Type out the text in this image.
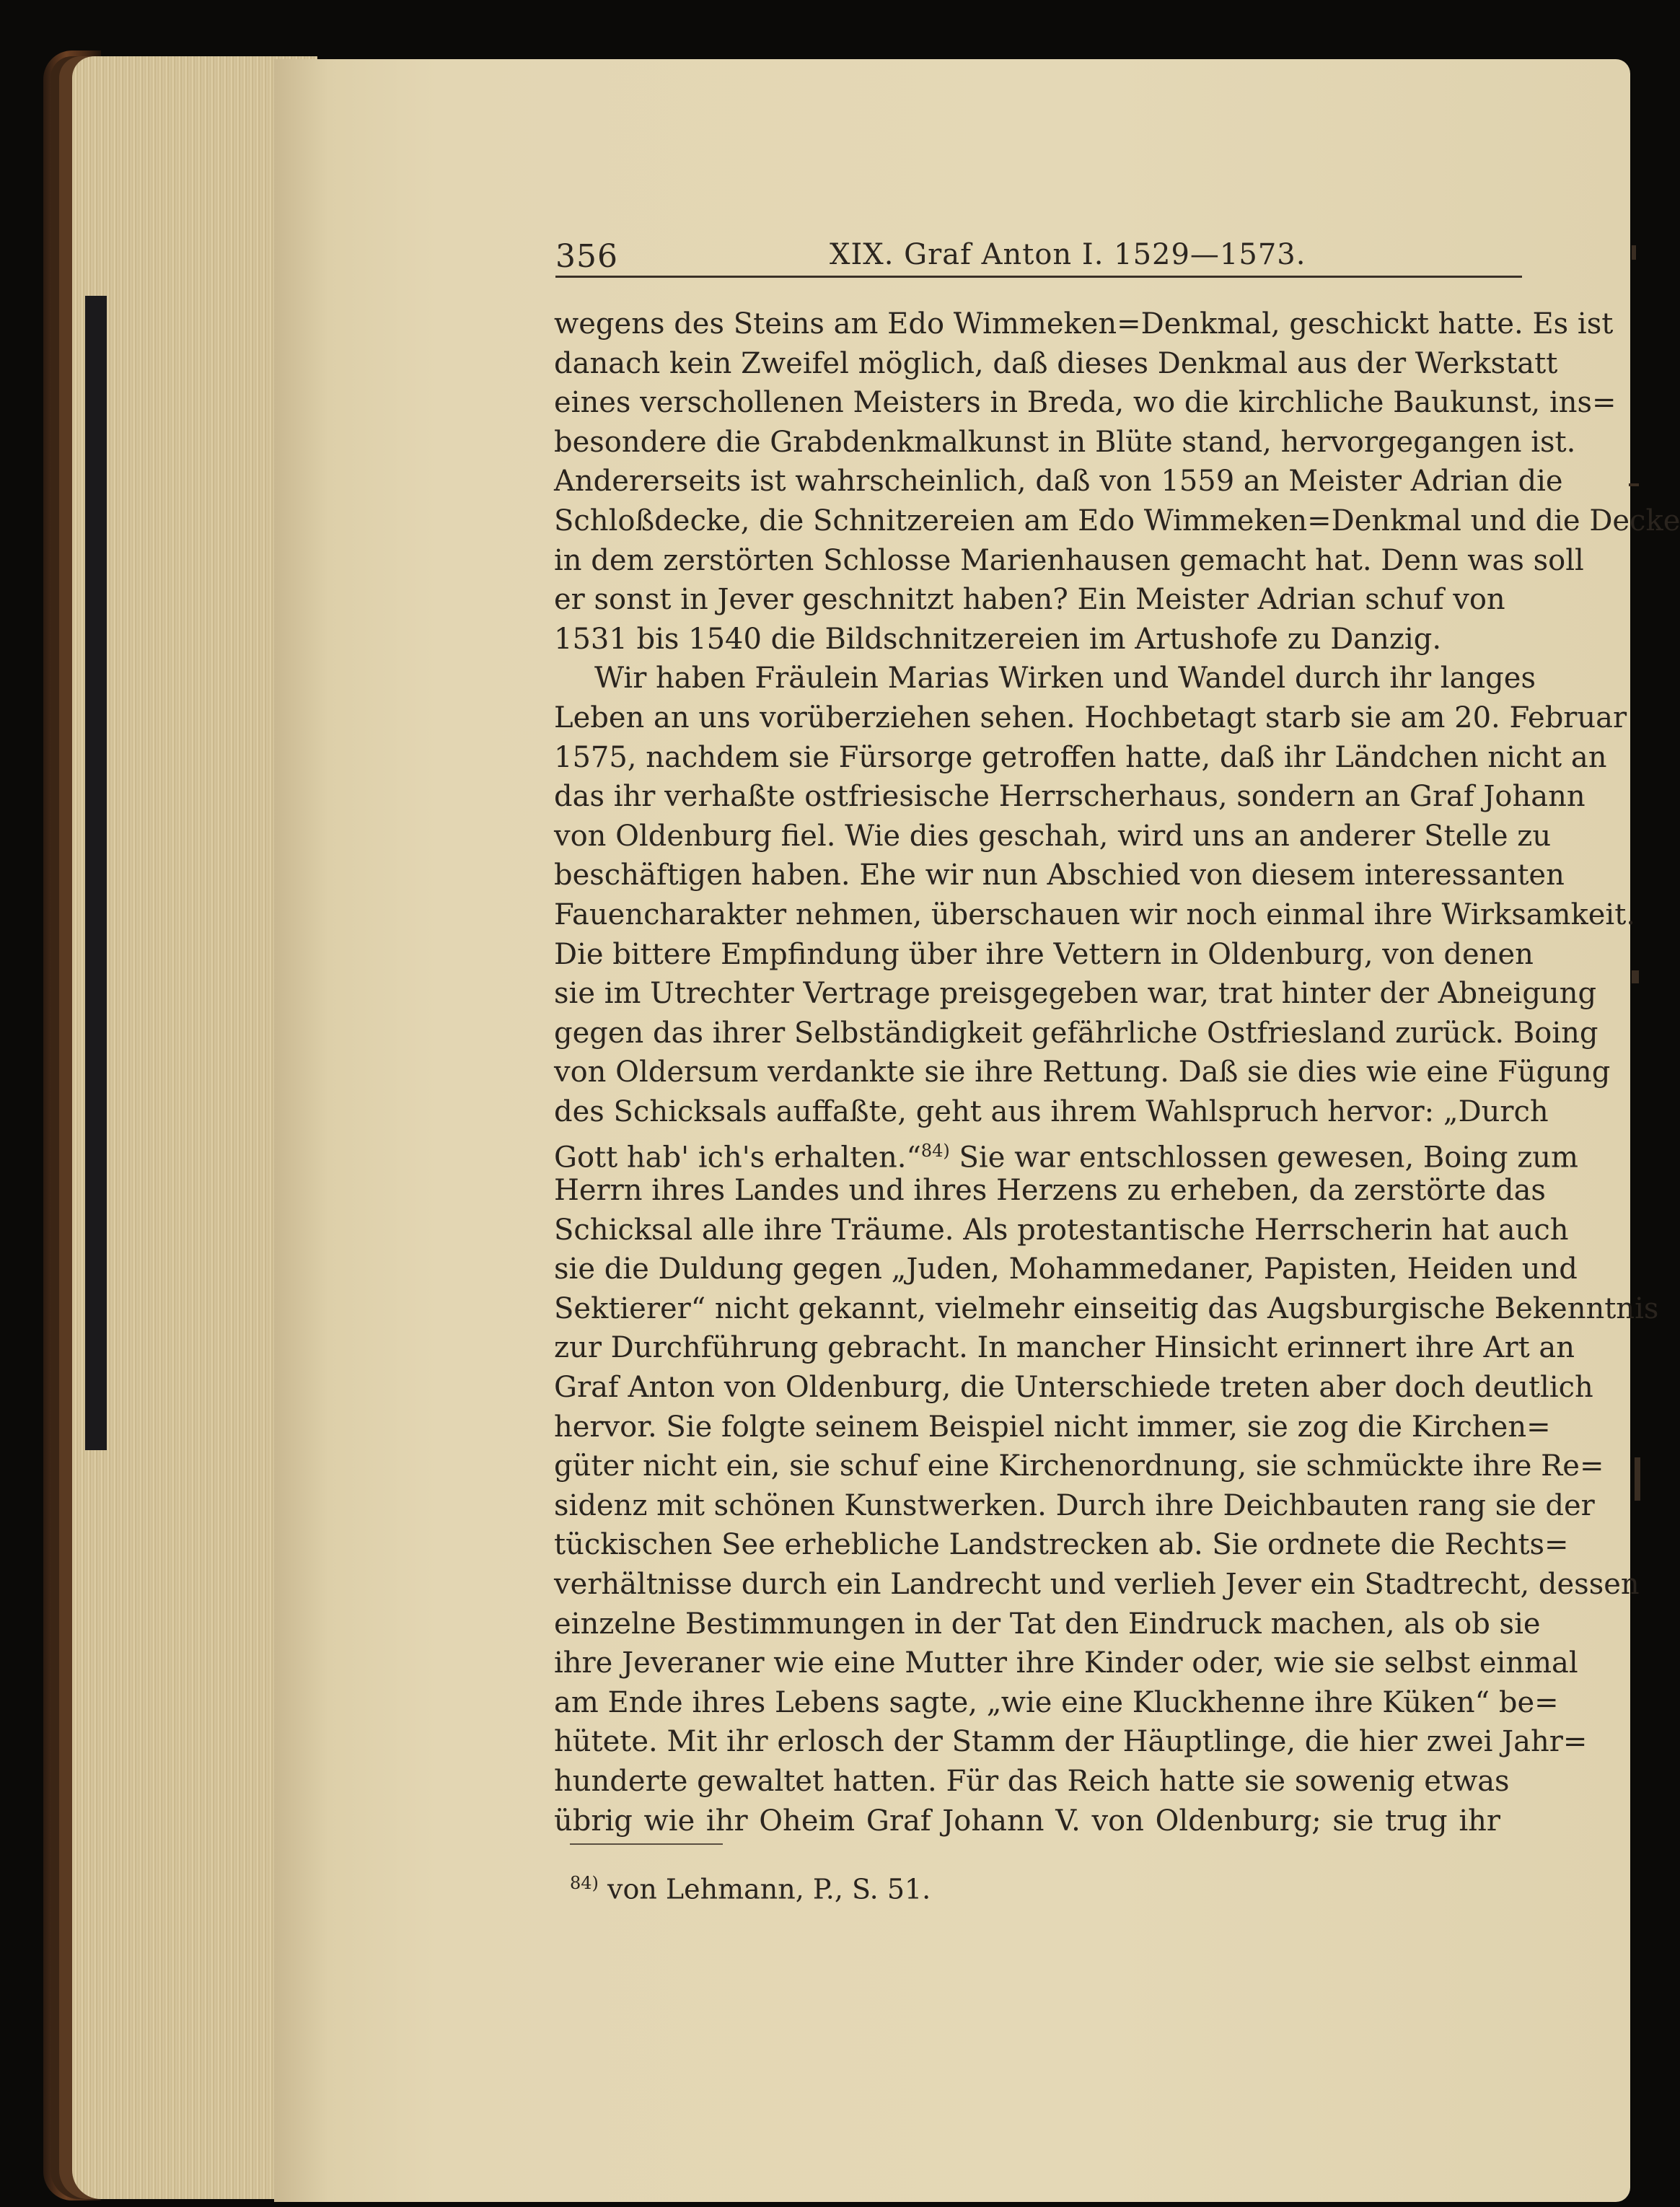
356	XIX. Graf Anton I. 1529—1573.
wegens des Steins am Edo Wimmeken=Denkmal, geschickt hatte. Es ist
danach kein Zweifel möglich, daß dieses Denkmal aus der Werkstatt
eines verschollenen Meisters in Breda, wo die kirchliche Baukunst, ins=
besondere die Grabdenkmalkunst in Blüte stand, hervorgegangen ist.
Andererseits ist wahrscheinlich, daß von 1559 an Meister Adrian die
Schloßdecke, die Schnitzereien am Edo Wimmeken=Denkmal und die Decke
in dem zerstörten Schlosse Marienhausen gemacht hat. Denn was soll
er sonst in Jever geschnitzt haben? Ein Meister Adrian schuf von
1531 bis 1540 die Bildschnitzereien im Artushofe zu Danzig.
Wir haben Fräulein Marias Wirken und Wandel durch ihr langes
Leben an uns vorüberziehen sehen. Hochbetagt starb sie am 20. Februar
1575, nachdem sie Fürsorge getroffen hatte, daß ihr Ländchen nicht an
das ihr verhaßte ostfriesische Herrscherhaus, sondern an Graf Johann
von Oldenburg fiel. Wie dies geschah, wird uns an anderer Stelle zu
beschäftigen haben. Ehe wir nun Abschied von diesem interessanten
Fauencharakter nehmen, überschauen wir noch einmal ihre Wirksamkeit.
Die bittere Empfindung über ihre Vettern in Oldenburg, von denen
sie im Utrechter Vertrage preisgegeben war, trat hinter der Abneigung
gegen das ihrer Selbständigkeit gefährliche Ostfriesland zurück. Boing
von Oldersum verdankte sie ihre Rettung. Daß sie dies wie eine Fügung
des Schicksals auffaßte, geht aus ihrem Wahlspruch hervor: „Durch
Gott hab' ich's erhalten.“$^{84)}$ Sie war entschlossen gewesen, Boing zum
Herrn ihres Landes und ihres Herzens zu erheben, da zerstörte das
Schicksal alle ihre Träume. Als protestantische Herrscherin hat auch
sie die Duldung gegen „Juden, Mohammedaner, Papisten, Heiden und
Sektierer“ nicht gekannt, vielmehr einseitig das Augsburgische Bekenntnis
zur Durchführung gebracht. In mancher Hinsicht erinnert ihre Art an
Graf Anton von Oldenburg, die Unterschiede treten aber doch deutlich
hervor. Sie folgte seinem Beispiel nicht immer, sie zog die Kirchen=
güter nicht ein, sie schuf eine Kirchenordnung, sie schmückte ihre Re=
sidenz mit schönen Kunstwerken. Durch ihre Deichbauten rang sie der
tückischen See erhebliche Landstrecken ab. Sie ordnete die Rechts=
verhältnisse durch ein Landrecht und verlieh Jever ein Stadtrecht, dessen
einzelne Bestimmungen in der Tat den Eindruck machen, als ob sie
ihre Jeveraner wie eine Mutter ihre Kinder oder, wie sie selbst einmal
am Ende ihres Lebens sagte, „wie eine Kluckhenne ihre Küken“ be=
hütete. Mit ihr erlosch der Stamm der Häuptlinge, die hier zwei Jahr=
hunderte gewaltet hatten. Für das Reich hatte sie sowenig etwas
übrig wie ihr Oheim Graf Johann V. von Oldenburg; sie trug ihr
$^{84)}$ von Lehmann, P., S. 51.
